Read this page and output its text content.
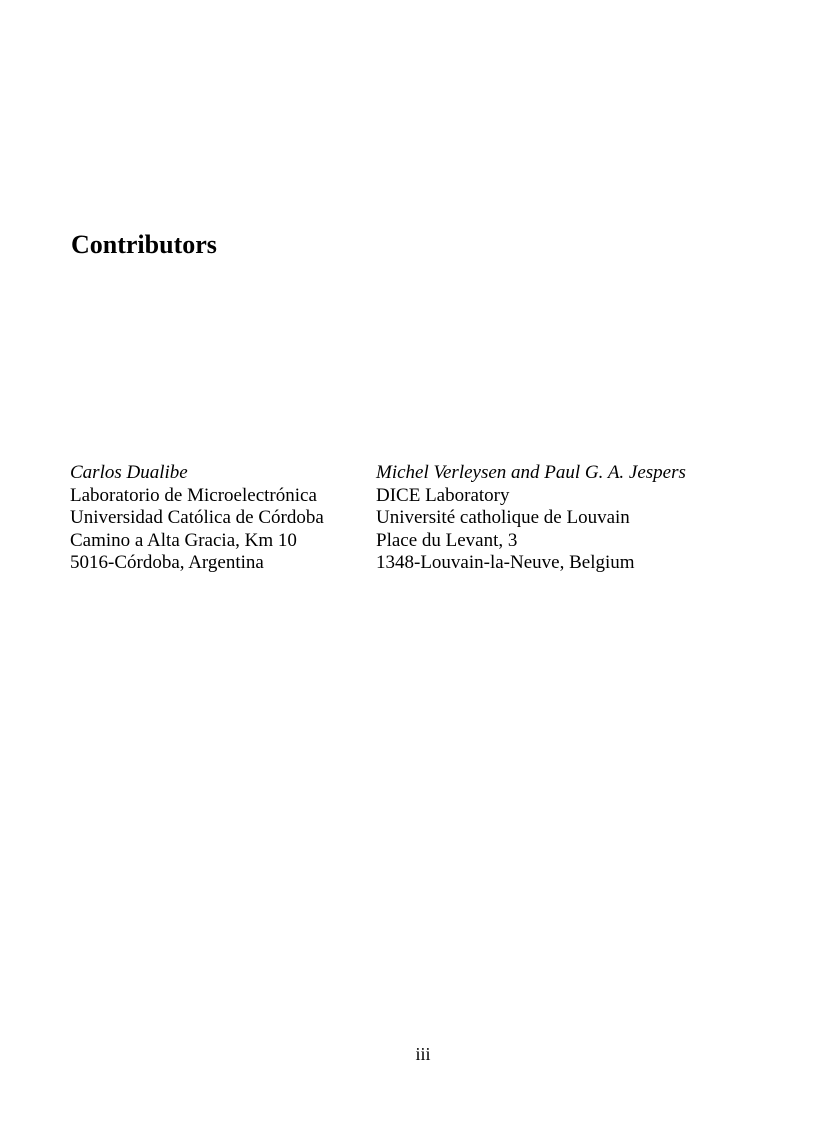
Contributors
Carlos Dualibe
Laboratorio de Microelectrónica
Universidad Católica de Córdoba
Camino a Alta Gracia, Km 10
5016-Córdoba, Argentina
Michel Verleysen and Paul G. A. Jespers
DICE Laboratory
Université catholique de Louvain
Place du Levant, 3
1348-Louvain-la-Neuve, Belgium
iii
